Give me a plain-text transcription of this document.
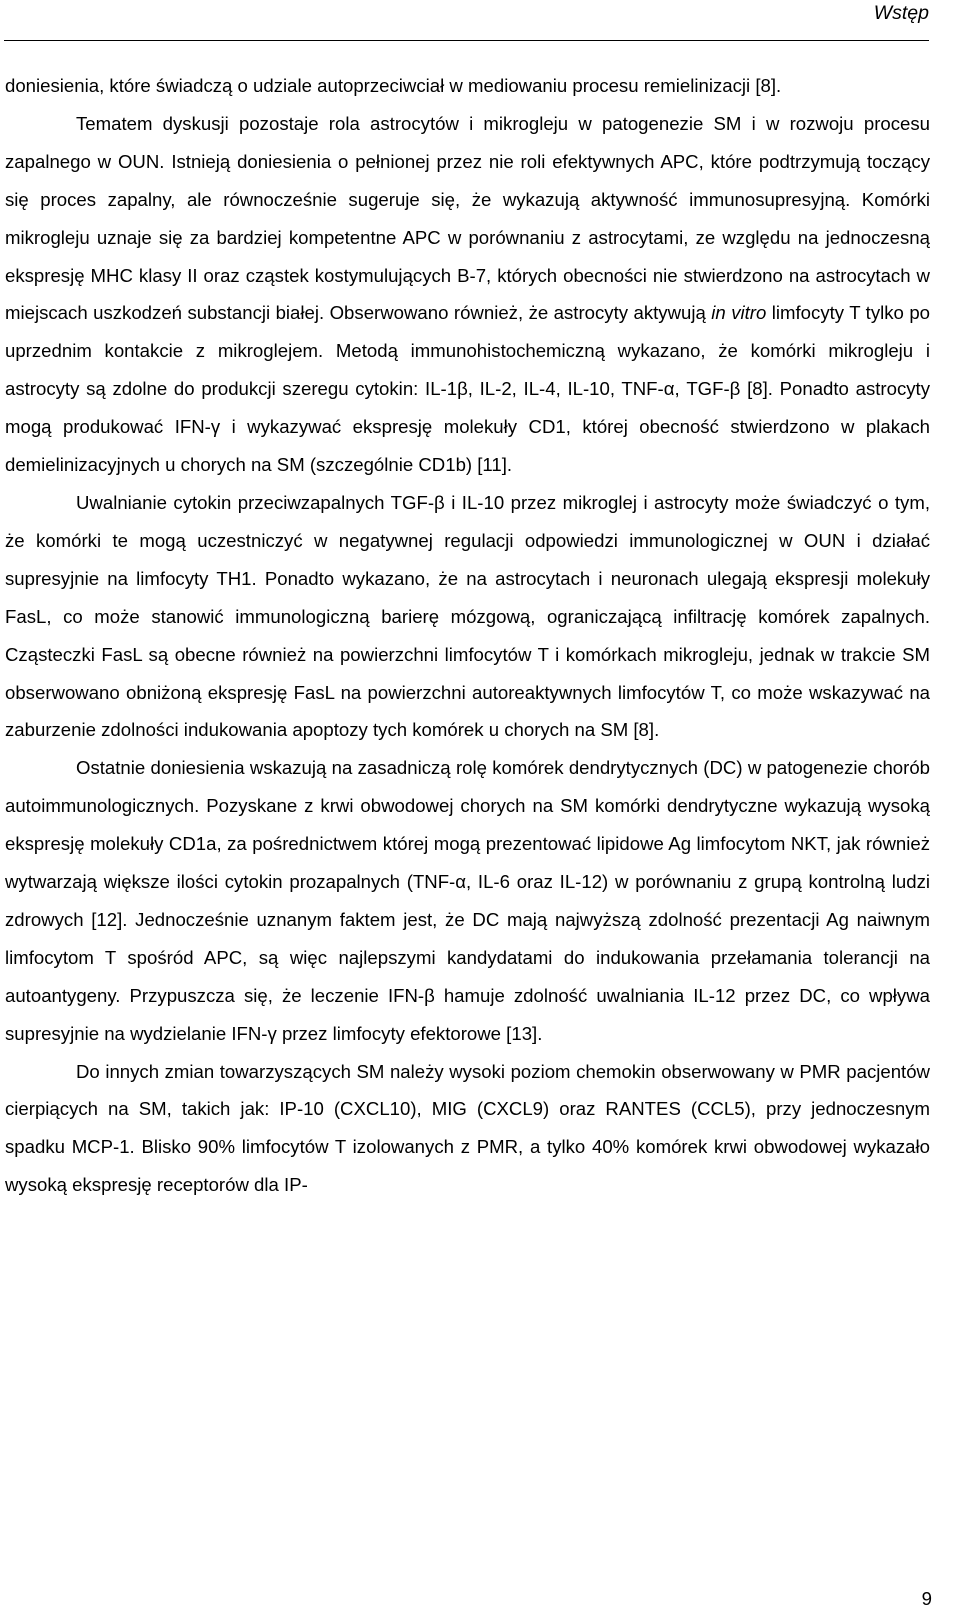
Wstęp

doniesienia, które świadczą o udziale autoprzeciwciał w mediowaniu procesu remielinizacji [8].

Tematem dyskusji pozostaje rola astrocytów i mikrogleju w patogenezie SM i w rozwoju procesu zapalnego w OUN. Istnieją doniesienia o pełnionej przez nie roli efektywnych APC, które podtrzymują toczący się proces zapalny, ale równocześnie sugeruje się, że wykazują aktywność immunosupresyjną. Komórki mikrogleju uznaje się za bardziej kompetentne APC w porównaniu z astrocytami, ze względu na jednoczesną ekspresję MHC klasy II oraz cząstek kostymulujących B-7, których obecności nie stwierdzono na astrocytach w miejscach uszkodzeń substancji białej. Obserwowano również, że astrocyty aktywują in vitro limfocyty T tylko po uprzednim kontakcie z mikroglejem. Metodą immunohistochemiczną wykazano, że komórki mikrogleju i astrocyty są zdolne do produkcji szeregu cytokin: IL-1β, IL-2, IL-4, IL-10, TNF-α, TGF-β [8]. Ponadto astrocyty mogą produkować IFN-γ i wykazywać ekspresję molekuły CD1, której obecność stwierdzono w plakach demielinizacyjnych u chorych na SM (szczególnie CD1b) [11].

Uwalnianie cytokin przeciwzapalnych TGF-β i IL-10 przez mikroglej i astrocyty może świadczyć o tym, że komórki te mogą uczestniczyć w negatywnej regulacji odpowiedzi immunologicznej w OUN i działać supresyjnie na limfocyty TH1. Ponadto wykazano, że na astrocytach i neuronach ulegają ekspresji molekuły FasL, co może stanowić immunologiczną barierę mózgową, ograniczającą infiltrację komórek zapalnych. Cząsteczki FasL są obecne również na powierzchni limfocytów T i komórkach mikrogleju, jednak w trakcie SM obserwowano obniżoną ekspresję FasL na powierzchni autoreaktywnych limfocytów T, co może wskazywać na zaburzenie zdolności indukowania apoptozy tych komórek u chorych na SM [8].

Ostatnie doniesienia wskazują na zasadniczą rolę komórek dendrytycznych (DC) w patogenezie chorób autoimmunologicznych. Pozyskane z krwi obwodowej chorych na SM komórki dendrytyczne wykazują wysoką ekspresję molekuły CD1a, za pośrednictwem której mogą prezentować lipidowe Ag limfocytom NKT, jak również wytwarzają większe ilości cytokin prozapalnych (TNF-α, IL-6 oraz IL-12) w porównaniu z grupą kontrolną ludzi zdrowych [12]. Jednocześnie uznanym faktem jest, że DC mają najwyższą zdolność prezentacji Ag naiwnym limfocytom T spośród APC, są więc najlepszymi kandydatami do indukowania przełamania tolerancji na autoantygeny. Przypuszcza się, że leczenie IFN-β hamuje zdolność uwalniania IL-12 przez DC, co wpływa supresyjnie na wydzielanie IFN-γ przez limfocyty efektorowe [13].

Do innych zmian towarzyszących SM należy wysoki poziom chemokin obserwowany w PMR pacjentów cierpiących na SM, takich jak: IP-10 (CXCL10), MIG (CXCL9) oraz RANTES (CCL5), przy jednoczesnym spadku MCP-1. Blisko 90% limfocytów T izolowanych z PMR, a tylko 40% komórek krwi obwodowej wykazało wysoką ekspresję receptorów dla IP-

9
